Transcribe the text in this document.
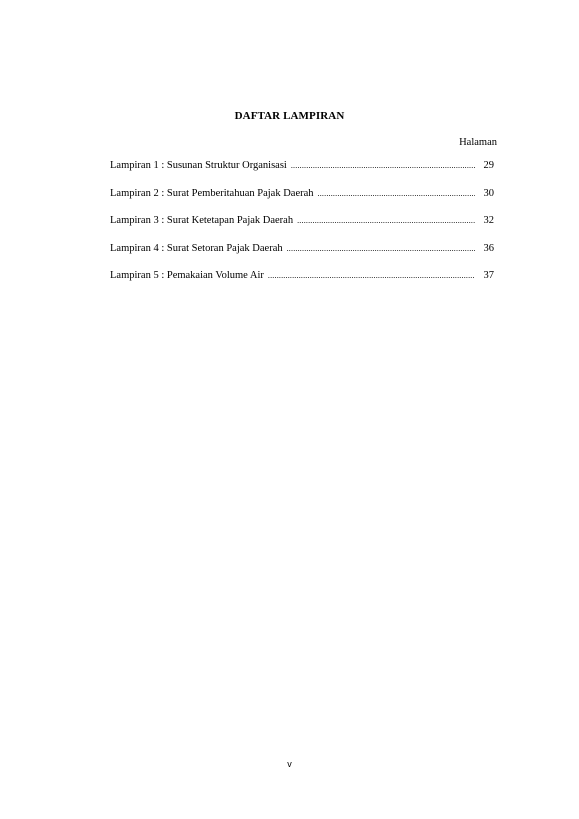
DAFTAR LAMPIRAN
Halaman
Lampiran 1 : Susunan Struktur Organisasi .....	29
Lampiran 2 : Surat Pemberitahuan Pajak Daerah .....	30
Lampiran 3 : Surat Ketetapan Pajak Daerah .....	32
Lampiran 4 : Surat Setoran Pajak Daerah .....	36
Lampiran 5 : Pemakaian Volume Air .....	37
v
